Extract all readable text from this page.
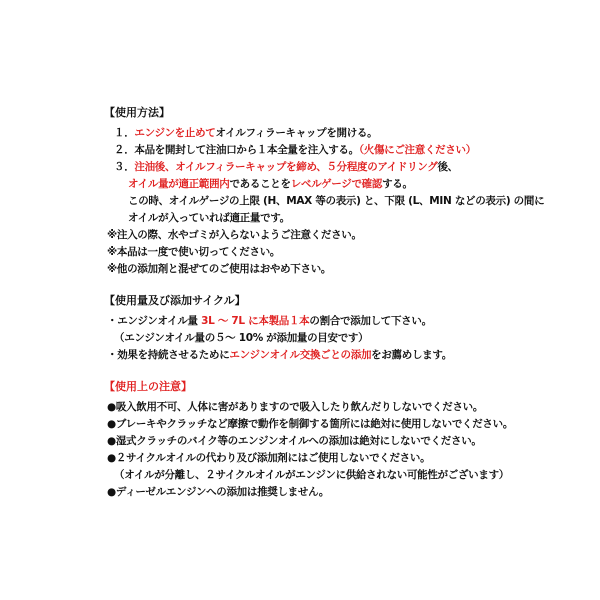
【使用方法】
１．エンジンを止めてオイルフィラーキャップを開ける。
２．本品を開封して注油口から１本全量を注入する。（火傷にご注意ください）
３．注油後、オイルフィラーキャップを締め、５分程度のアイドリング後、
オイル量が適正範囲内であることをレベルゲージで確認する。
この時、オイルゲージの上限 (H、MAX 等の表示) と、下限 (L、MIN などの表示) の間に
オイルが入っていれば適正量です。
※注入の際、水やゴミが入らないようご注意ください。
※本品は一度で使い切ってください。
※他の添加剤と混ぜてのご使用はおやめ下さい。
【使用量及び添加サイクル】
・エンジンオイル量 3L ～ 7L に本製品１本の割合で添加して下さい。
（エンジンオイル量の５～ 10% が添加量の目安です）
・効果を持続させるためにエンジンオイル交換ごとの添加をお薦めします。
【使用上の注意】
●吸入飲用不可、人体に害がありますので吸入したり飲んだりしないでください。
●ブレーキやクラッチなど摩擦で動作を制御する箇所には絶対に使用しないでください。
●湿式クラッチのバイク等のエンジンオイルへの添加は絶対にしないでください。
●２サイクルオイルの代わり及び添加剤にはご使用しないでください。
（オイルが分離し、２サイクルオイルがエンジンに供給されない可能性がございます）
●ディーゼルエンジンへの添加は推奨しません。
